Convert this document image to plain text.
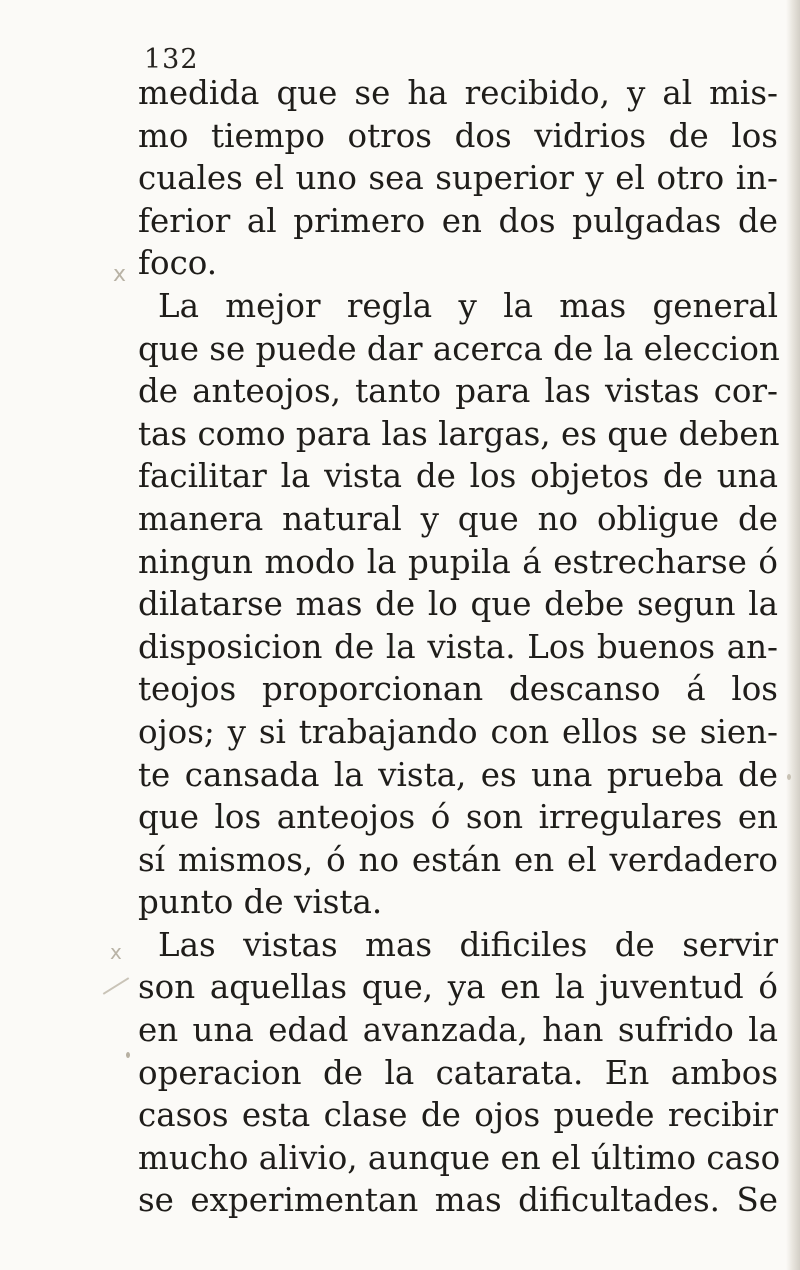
132
x
x
medida que se ha recibido, y al mis-
mo tiempo otros dos vidrios de los
cuales el uno sea superior y el otro in-
ferior al primero en dos pulgadas de
foco.
La mejor regla y la mas general
que se puede dar acerca de la eleccion
de anteojos, tanto para las vistas cor-
tas como para las largas, es que deben
facilitar la vista de los objetos de una
manera natural y que no obligue de
ningun modo la pupila á estrecharse ó
dilatarse mas de lo que debe segun la
disposicion de la vista. Los buenos an-
teojos proporcionan descanso á los
ojos; y si trabajando con ellos se sien-
te cansada la vista, es una prueba de
que los anteojos ó son irregulares en
sí mismos, ó no están en el verdadero
punto de vista.
Las vistas mas dificiles de servir
son aquellas que, ya en la juventud ó
en una edad avanzada, han sufrido la
operacion de la catarata. En ambos
casos esta clase de ojos puede recibir
mucho alivio, aunque en el último caso
se experimentan mas dificultades. Se
